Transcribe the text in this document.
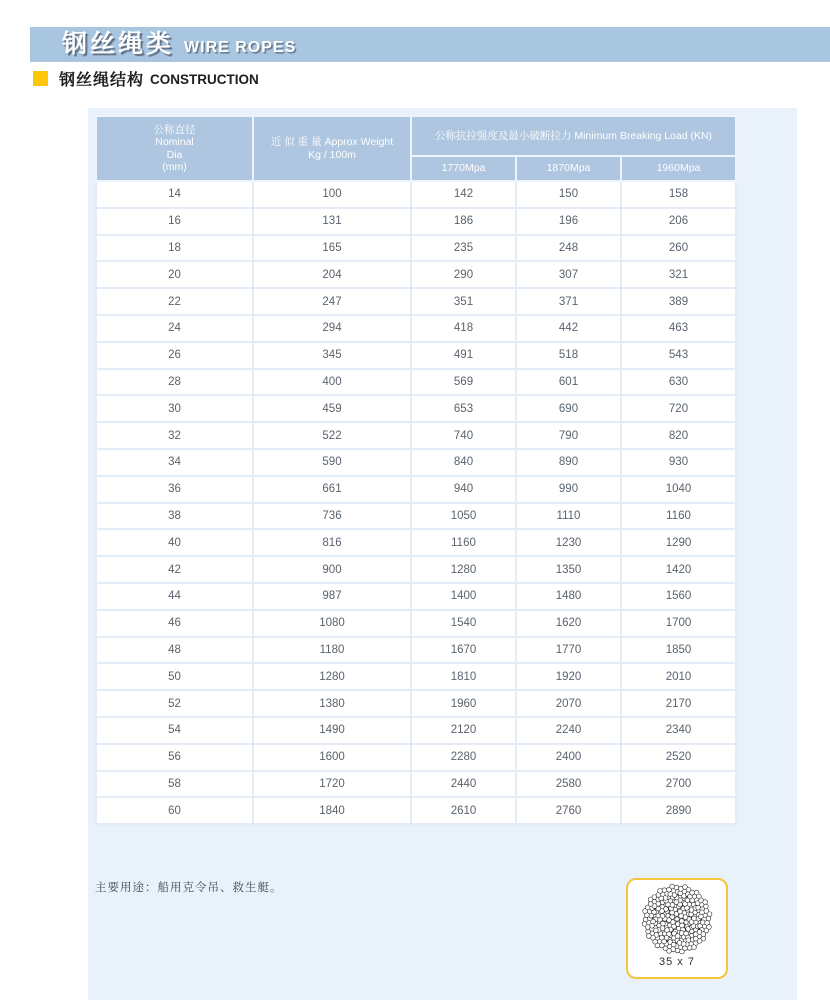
钢丝绳类 WIRE ROPES
钢丝绳结构 CONSTRUCTION
公称直径
Nominal
Dia
(mm)

近 似 重 量 Approx Weight
Kg / 100m
	公称抗拉强度及最小破断拉力 Minimum Breaking Load (KN)
		1770Mpa	1870Mpa	1960Mpa
14	100	142	150	158
16	131	186	196	206
18	165	235	248	260
20	204	290	307	321
22	247	351	371	389
24	294	418	442	463
26	345	491	518	543
28	400	569	601	630
30	459	653	690	720
32	522	740	790	820
34	590	840	890	930
36	661	940	990	1040
38	736	1050	1110	1160
40	816	1160	1230	1290
42	900	1280	1350	1420
44	987	1400	1480	1560
46	1080	1540	1620	1700
48	1180	1670	1770	1850
50	1280	1810	1920	2010
52	1380	1960	2070	2170
54	1490	2120	2240	2340
56	1600	2280	2400	2520
58	1720	2440	2580	2700
60	1840	2610	2760	2890
主要用途：船用克令吊、救生艇。
35 x 7
